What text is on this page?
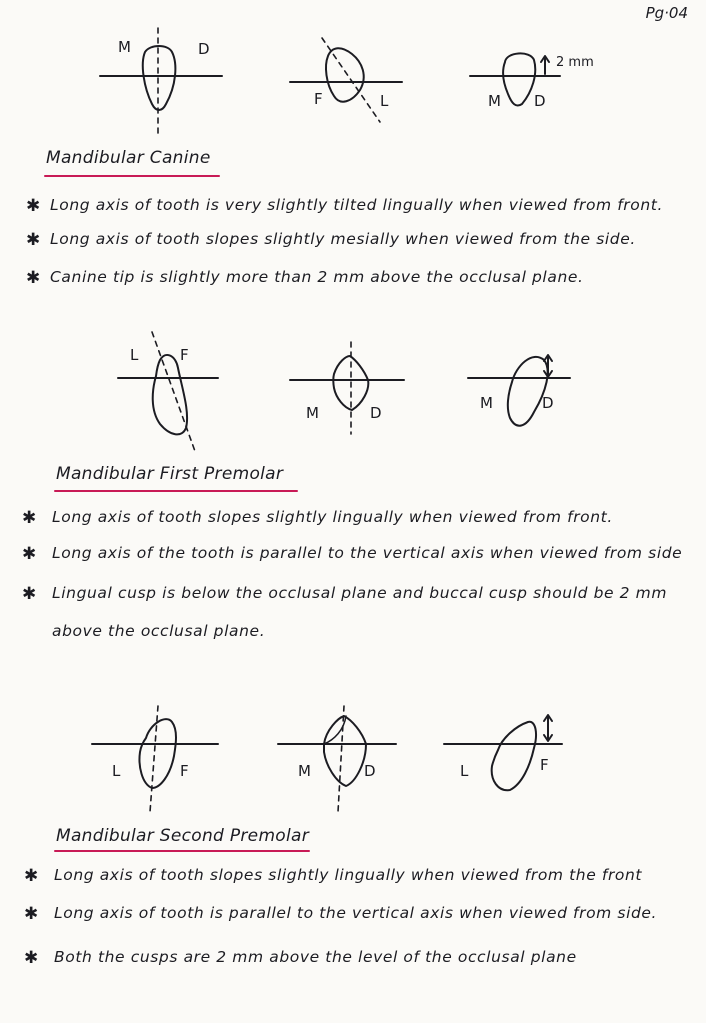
Pg·04
M	D
F	L
2 mm
M D
Mandibular Canine
✱ Long axis of tooth is very slightly tilted lingually when viewed from front.
✱ Long axis of tooth slopes slightly mesially when viewed from the side.
✱ Canine tip is slightly more than 2 mm above the occlusal plane.
L	F
M	D
M	D
Mandibular First Premolar
✱ Long axis of tooth slopes slightly lingually when viewed from front.
✱ Long axis of the tooth is parallel to the vertical axis when viewed from side
✱ Lingual cusp is below the occlusal plane and buccal cusp should be 2 mm
above the occlusal plane.
L	F	M	D	L	F
Mandibular Second Premolar
✱ Long axis of tooth slopes slightly lingually when viewed from the front
✱ Long axis of tooth is parallel to the vertical axis when viewed from side.
✱ Both the cusps are 2 mm above the level of the occlusal plane
